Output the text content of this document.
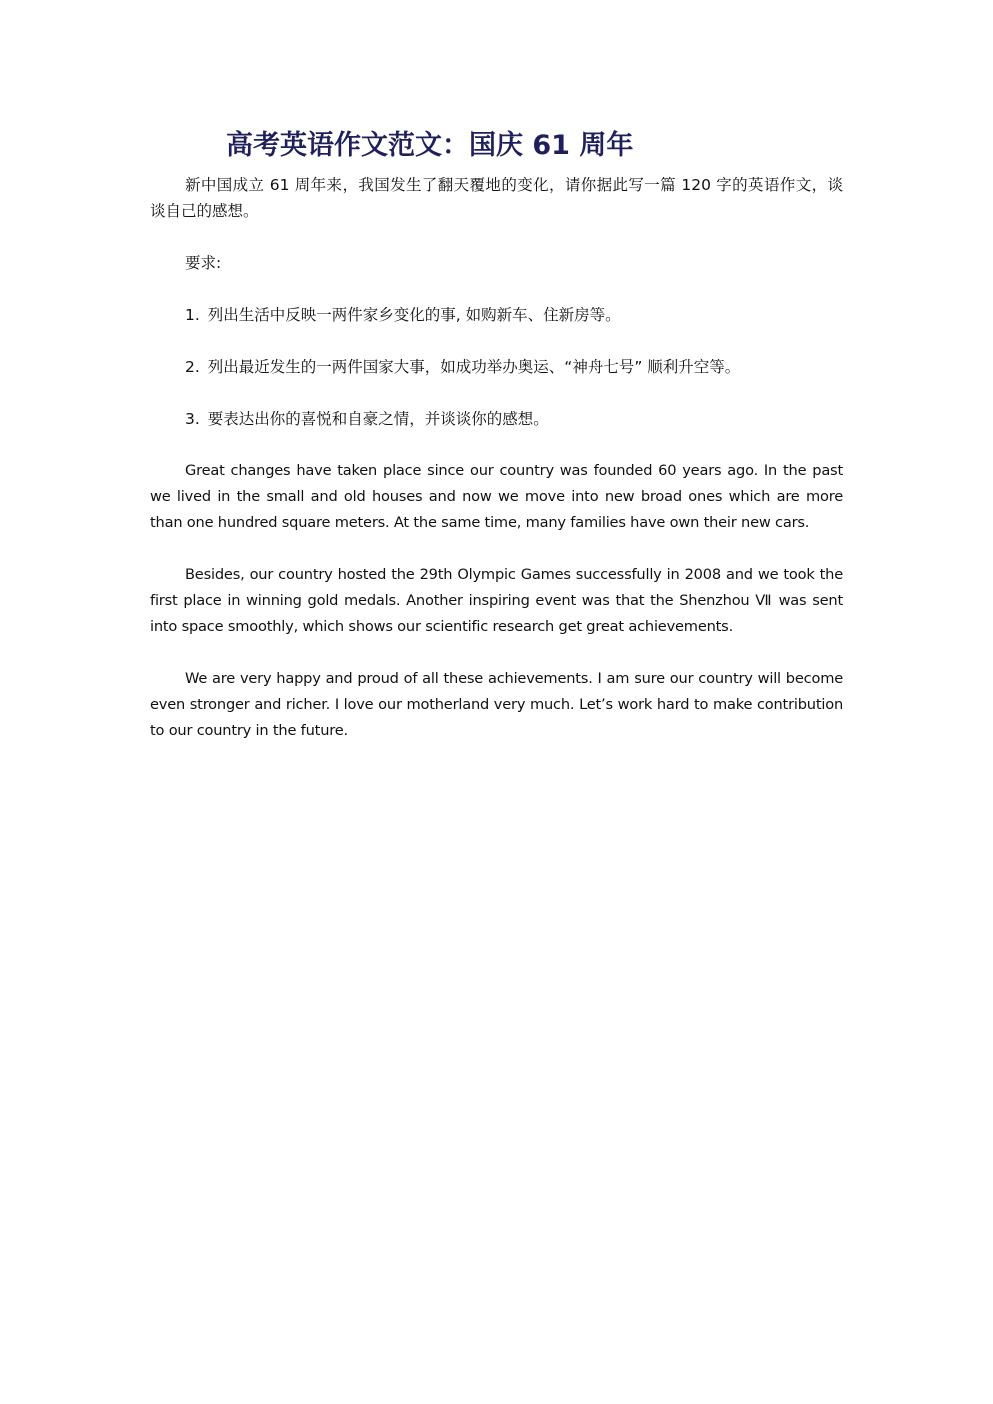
高考英语作文范文：国庆 61 周年

新中国成立 61 周年来，我国发生了翻天覆地的变化，请你据此写一篇 120 字的英语作文，谈谈自己的感想。

要求:

1. 列出生活中反映一两件家乡变化的事, 如购新车、住新房等。

2. 列出最近发生的一两件国家大事，如成功举办奥运、“神舟七号” 顺利升空等。

3. 要表达出你的喜悦和自豪之情，并谈谈你的感想。

Great changes have taken place since our country was founded 60 years ago. In the past we lived in the small and old houses and now we move into new broad ones which are more than one hundred square meters. At the same time, many families have own their new cars.

Besides, our country hosted the 29th Olympic Games successfully in 2008 and we took the first place in winning gold medals. Another inspiring event was that the Shenzhou Ⅶ was sent into space smoothly, which shows our scientific research get great achievements.

We are very happy and proud of all these achievements. I am sure our country will become even stronger and richer. I love our motherland very much. Let’s work hard to make contribution to our country in the future.
